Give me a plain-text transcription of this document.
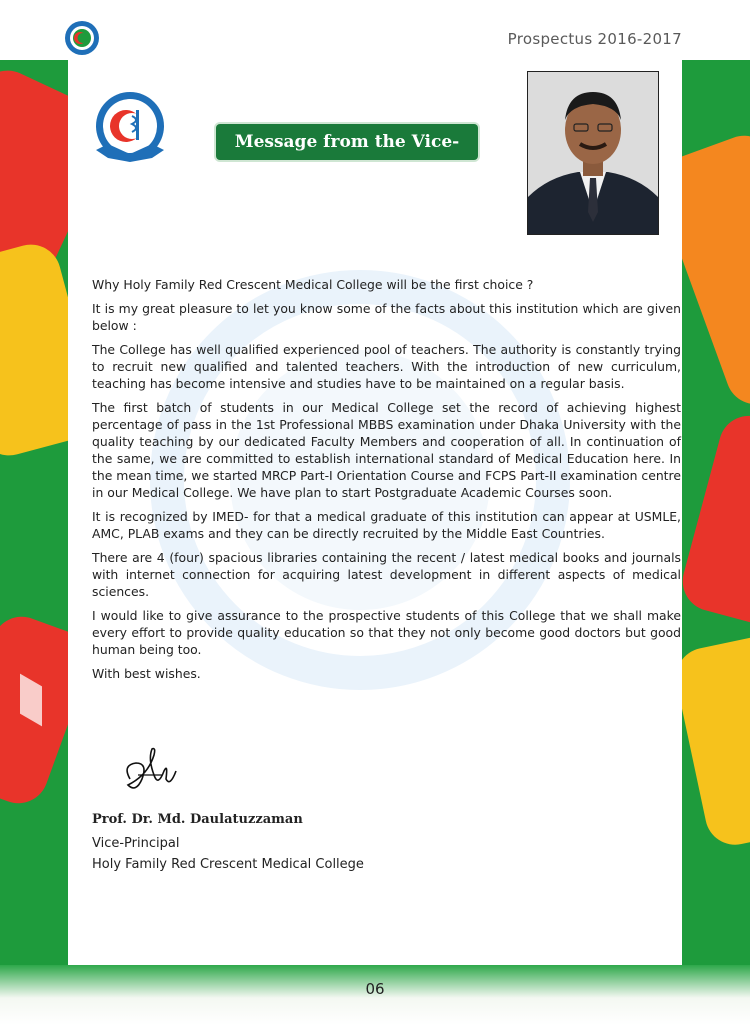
Prospectus 2016-2017
Message from the Vice-Principal

Why Holy Family Red Crescent Medical College will be the first choice ?

It is my great pleasure to let you know some of the facts about this institution which are given below :

The College has well qualified experienced pool of teachers. The authority is constantly trying to recruit new qualified and talented teachers. With the introduction of new curriculum, teaching has become intensive and studies have to be maintained on a regular basis.

The first batch of students in our Medical College set the record of achieving highest percentage of pass in the 1st Professional MBBS examination under Dhaka University with the quality teaching by our dedicated Faculty Members and cooperation of all. In continuation of the same, we are committed to establish international standard of Medical Education here. In the mean time, we started MRCP Part-I Orientation Course and FCPS Part-II examination centre in our Medical College. We have plan to start Postgraduate Academic Courses soon.

It is recognized by IMED- for that a medical graduate of this institution can appear at USMLE, AMC, PLAB exams and they can be directly recruited by the Middle East Countries.

There are 4 (four) spacious libraries containing the recent / latest medical books and journals with internet connection for acquiring latest development in different aspects of medical sciences.

I would like to give assurance to the prospective students of this College that we shall make every effort to provide quality education so that they not only become good doctors but good human being too.

With best wishes.

Prof. Dr. Md. Daulatuzzaman
Vice-Principal
Holy Family Red Crescent Medical College
06
